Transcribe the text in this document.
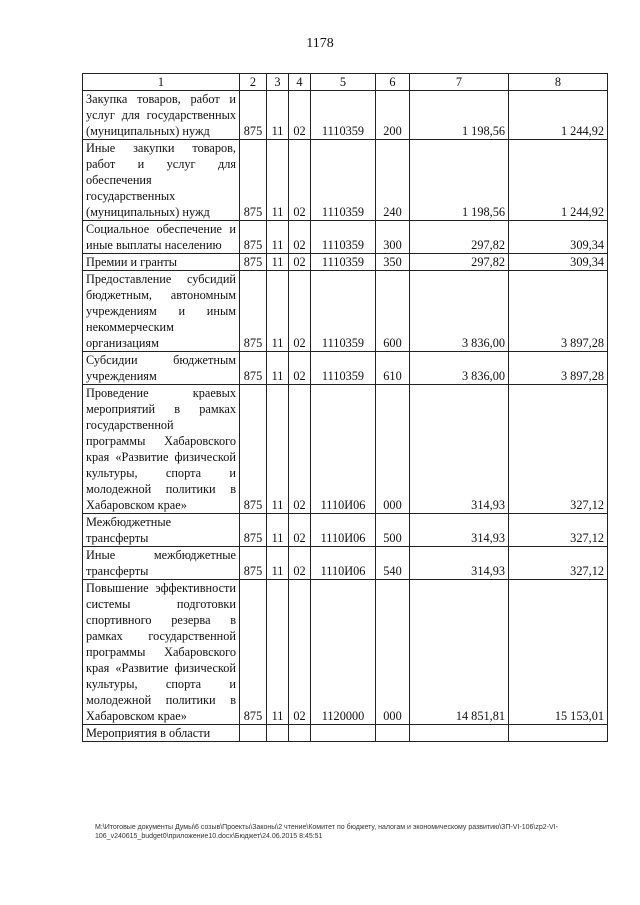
1178
1	2	3	4	5	6	7	8
Закупка товаров, работ и услуг для государственных (муниципальных) нужд	875	11	02	1110359	200	1 198,56	1 244,92
Иные закупки товаров, работ и услуг для обеспечения государственных (муниципальных) нужд	875	11	02	1110359	240	1 198,56	1 244,92
Социальное обеспечение и иные выплаты населению	875	11	02	1110359	300	297,82	309,34
Премии и гранты	875	11	02	1110359	350	297,82	309,34
Предоставление субсидий бюджетным, автономным учреждениям и иным некоммерческим организациям	875	11	02	1110359	600	3 836,00	3 897,28
Субсидии бюджетным учреждениям	875	11	02	1110359	610	3 836,00	3 897,28
Проведение краевых мероприятий в рамках государственной программы Хабаровского края «Развитие физической культуры, спорта и молодежной политики в Хабаровском крае»	875	11	02	1110И06	000	314,93	327,12
Межбюджетные трансферты	875	11	02	1110И06	500	314,93	327,12
Иные межбюджетные трансферты	875	11	02	1110И06	540	314,93	327,12
Повышение эффективности системы подготовки спортивного резерва в рамках государственной программы Хабаровского края «Развитие физической культуры, спорта и молодежной политики в Хабаровском крае»	875	11	02	1120000	000	14 851,81	15 153,01
Мероприятия в области							
M:\Итоговые документы Думы\6 созыв\Проекты\Законы\2 чтение\Комитет по бюджету, налогам и экономическому развитию\ЗП-VI-106\zp2-VI-106_v240615_budget0\приложение10.docx\Бюджет\24.06.2015 8:45:51
